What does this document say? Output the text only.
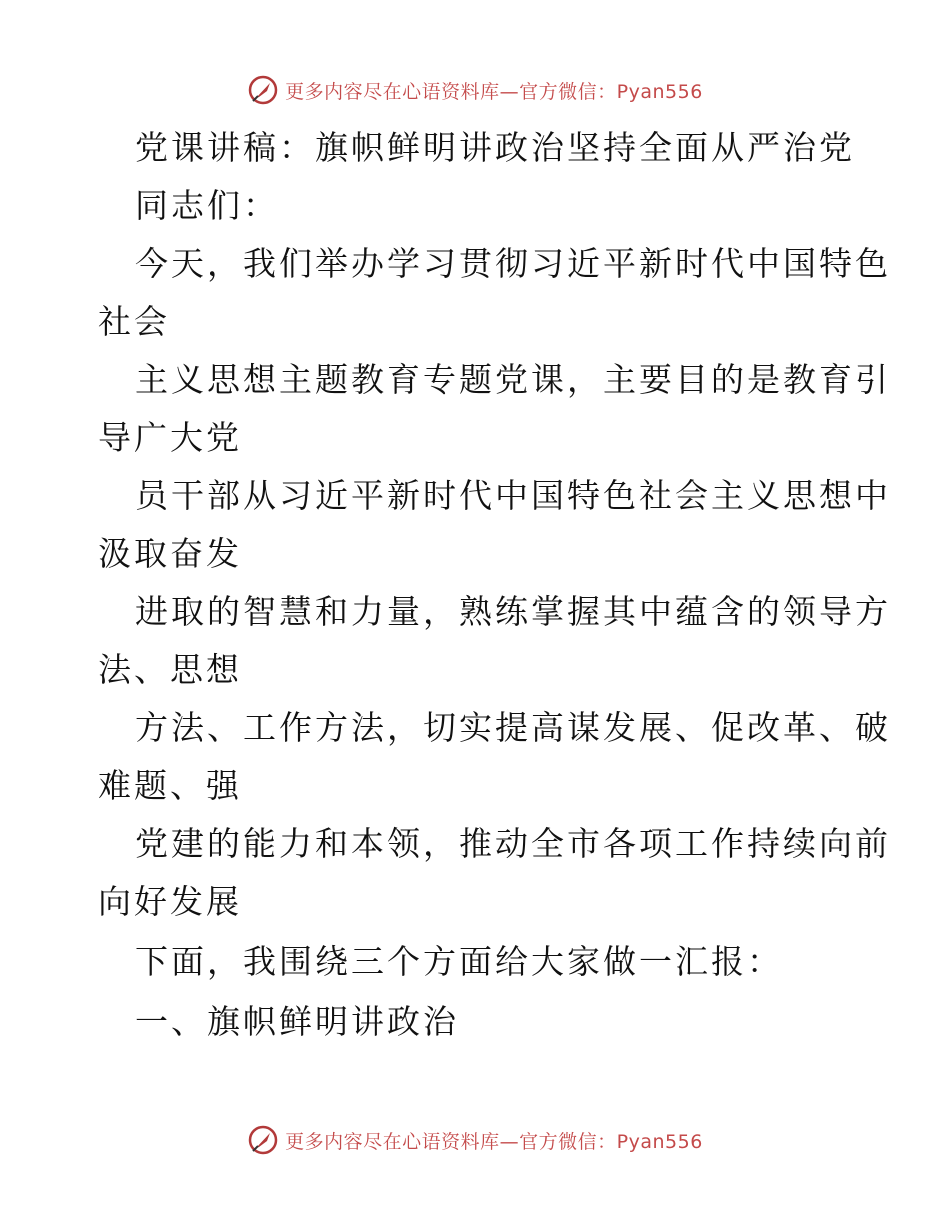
更多内容尽在心语资料库—官方微信：Pyan556
党课讲稿：旗帜鲜明讲政治坚持全面从严治党
同志们：
今天，我们举办学习贯彻习近平新时代中国特色
社会
主义思想主题教育专题党课，主要目的是教育引
导广大党
员干部从习近平新时代中国特色社会主义思想中
汲取奋发
进取的智慧和力量，熟练掌握其中蕴含的领导方
法、思想
方法、工作方法，切实提高谋发展、促改革、破
难题、强
党建的能力和本领，推动全市各项工作持续向前
向好发展
下面，我围绕三个方面给大家做一汇报：
一、旗帜鲜明讲政治
更多内容尽在心语资料库—官方微信：Pyan556
